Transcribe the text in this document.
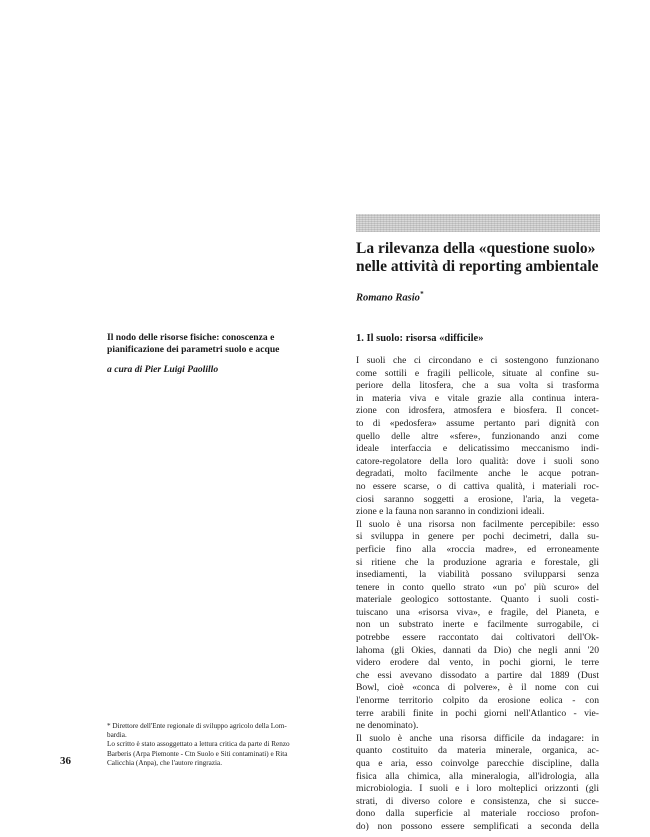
La rilevanza della «questione suolo»
nelle attività di reporting ambientale
Romano Rasio*
Il nodo delle risorse fisiche: conoscenza e
pianificazione dei parametri suolo e acque
a cura di Pier Luigi Paolillo
1. Il suolo: risorsa «difficile»
I suoli che ci circondano e ci sostengono funzionano
come sottili e fragili pellicole, situate al confine su-
periore della litosfera, che a sua volta si trasforma
in materia viva e vitale grazie alla continua intera-
zione con idrosfera, atmosfera e biosfera. Il concet-
to di «pedosfera» assume pertanto pari dignità con
quello delle altre «sfere», funzionando anzi come
ideale interfaccia e delicatissimo meccanismo indi-
catore-regolatore della loro qualità: dove i suoli sono
degradati, molto facilmente anche le acque potran-
no essere scarse, o di cattiva qualità, i materiali roc-
ciosi saranno soggetti a erosione, l'aria, la vegeta-
zione e la fauna non saranno in condizioni ideali.
Il suolo è una risorsa non facilmente percepibile: esso
si sviluppa in genere per pochi decimetri, dalla su-
perficie fino alla «roccia madre», ed erroneamente
si ritiene che la produzione agraria e forestale, gli
insediamenti, la viabilità possano svilupparsi senza
tenere in conto quello strato «un po' più scuro» del
materiale geologico sottostante. Quanto i suoli costi-
tuiscano una «risorsa viva», e fragile, del Pianeta, e
non un substrato inerte e facilmente surrogabile, ci
potrebbe essere raccontato dai coltivatori dell'Ok-
lahoma (gli Okies, dannati da Dio) che negli anni '20
videro erodere dal vento, in pochi giorni, le terre
che essi avevano dissodato a partire dal 1889 (Dust
Bowl, cioè «conca di polvere», è il nome con cui
l'enorme territorio colpito da erosione eolica - con
terre arabili finite in pochi giorni nell'Atlantico - vie-
ne denominato).
Il suolo è anche una risorsa difficile da indagare: in
quanto costituito da materia minerale, organica, ac-
qua e aria, esso coinvolge parecchie discipline, dalla
fisica alla chimica, alla mineralogia, all'idrologia, alla
microbiologia. I suoli e i loro molteplici orizzonti (gli
strati, di diverso colore e consistenza, che si succe-
dono dalla superficie al materiale roccioso profon-
do) non possono essere semplificati a seconda della
* Direttore dell'Ente regionale di sviluppo agricolo della Lom-
bardia.
Lo scritto è stato assoggettato a lettura critica da parte di Renzo
Barberis (Arpa Piemonte - Ctn Suolo e Siti contaminati) e Rita
Calicchia (Anpa), che l'autore ringrazia.
36
